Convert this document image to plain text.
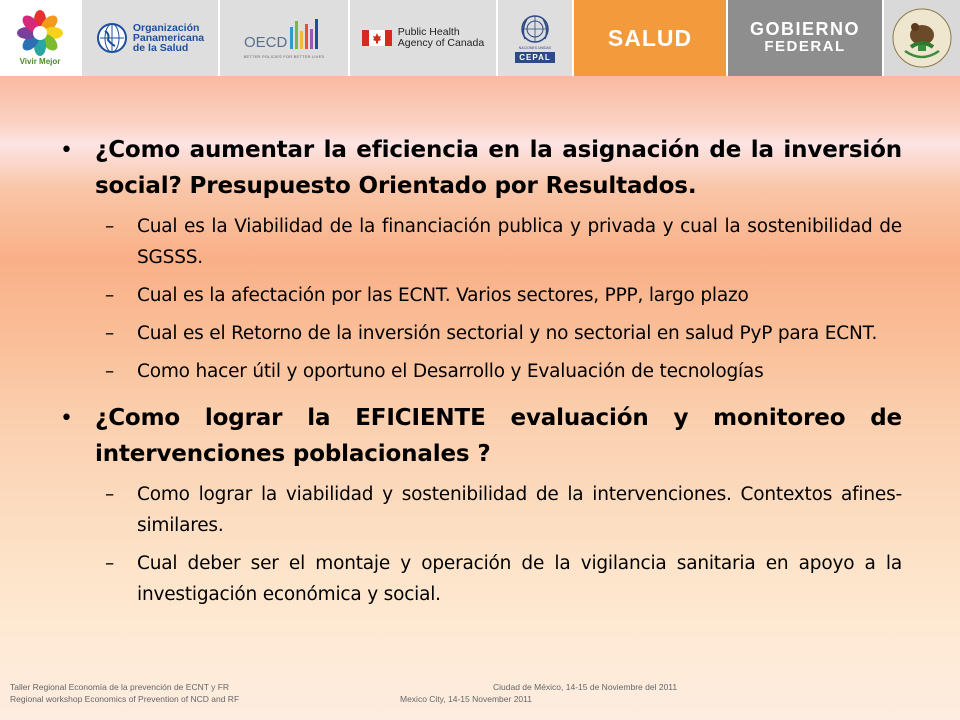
Vivir Mejor
Organización
Panamericana
de la Salud	OECD
BETTER POLICIES FOR BETTER LIVES
Public Health
Agency of Canada	NACIONES UNIDAS
CEPAL
SALUD	GOBIERNO
FEDERAL
• ¿Como aumentar la eficiencia en la asignación de la inversión social? Presupuesto Orientado por Resultados.
– Cual es la Viabilidad de la financiación publica y privada y cual la sostenibilidad de SGSSS.
– Cual es la afectación por las ECNT. Varios sectores, PPP, largo plazo
– Cual es el Retorno de la inversión sectorial y no sectorial en salud PyP para ECNT.
– Como hacer útil y oportuno el Desarrollo y Evaluación de tecnologías
• ¿Como lograr la EFICIENTE evaluación y monitoreo de intervenciones poblacionales ?
– Como lograr la viabilidad y sostenibilidad de la intervenciones. Contextos afines-similares.
– Cual deber ser el montaje y operación de la vigilancia sanitaria en apoyo a la investigación económica y social.
Taller Regional Economía de la prevención de ECNT y FR
Regional workshop Economics of Prevention of NCD and RF
Ciudad de México, 14-15 de Noviembre del 2011
Mexico City, 14-15 November 2011
